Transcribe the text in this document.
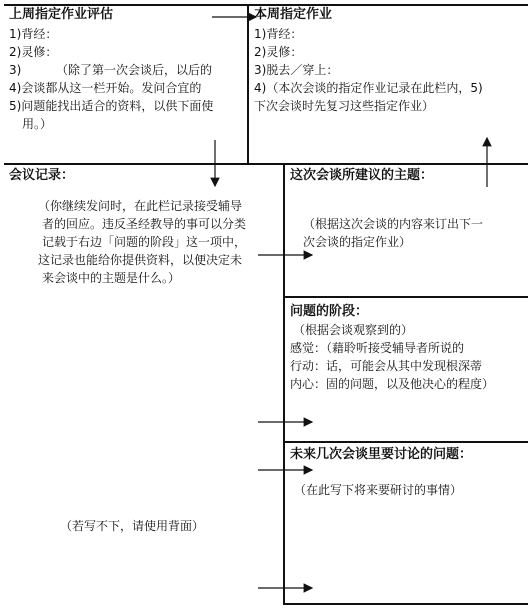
上周指定作业评估
1)背经：
2)灵修：
3)	（除了第一次会谈后，以后的
4)会谈都从这一栏开始。发问合宜的
5)问题能找出适合的资料，以供下面使
用。）
本周指定作业
1)背经：
2)灵修：
3)脱去／穿上：
4)（本次会谈的指定作业记录在此栏内，5)
下次会谈时先复习这些指定作业）
会议记录：
（你继续发问时，在此栏记录接受辅导
者的回应。违反圣经教导的事可以分类
记载于右边「问题的阶段」这一项中，
这记录也能给你提供资料，以便决定未
来会谈中的主题是什么。）
（若写不下，请使用背面）
这次会谈所建议的主题：
（根据这次会谈的内容来订出下一
次会谈的指定作业）
问题的阶段：
（根据会谈观察到的）
感觉：（藉聆听接受辅导者所说的
行动：话，可能会从其中发现根深蒂
内心：固的问题，以及他决心的程度）
未来几次会谈里要讨论的问题：
（在此写下将来要研讨的事情）
